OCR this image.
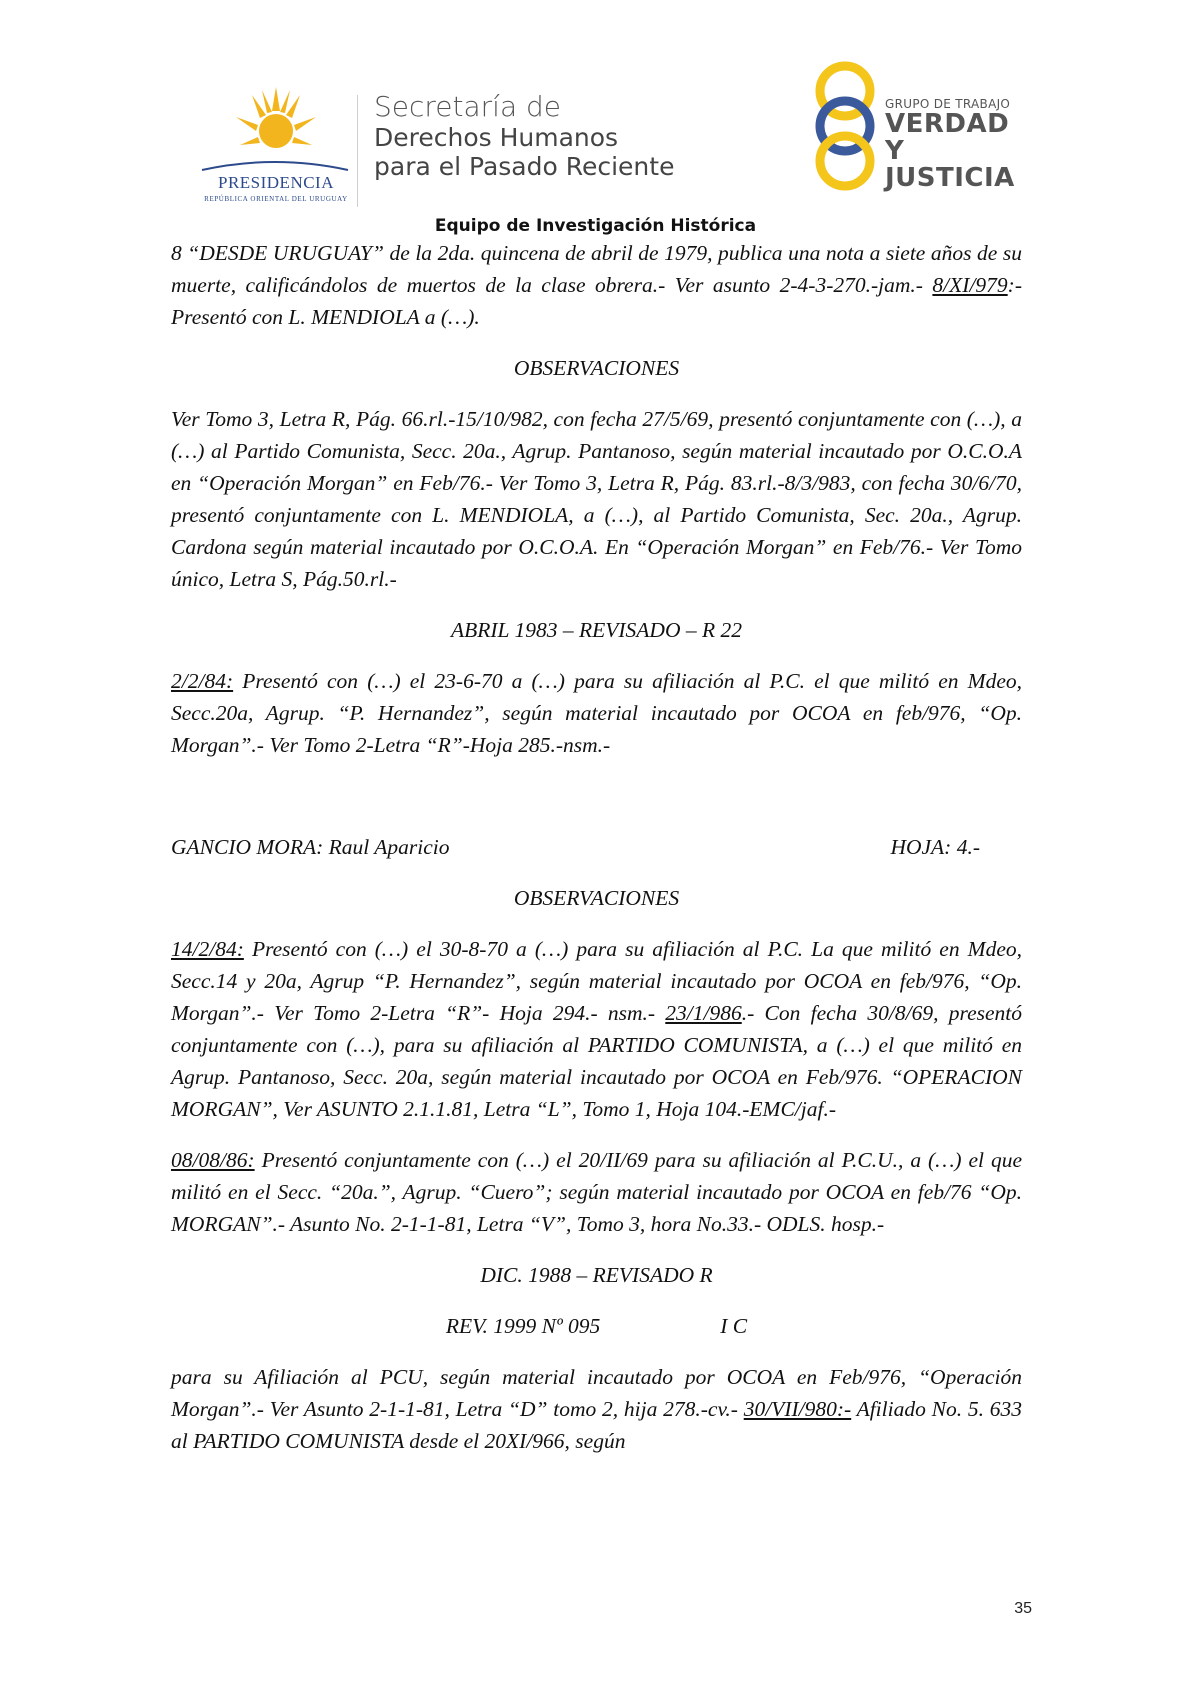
PRESIDENCIA
REPÚBLICA ORIENTAL DEL URUGUAY
Secretaría de
Derechos Humanos
para el Pasado Reciente
GRUPO DE TRABAJO
VERDAD Y
JUSTICIA
Equipo de Investigación Histórica

8 “DESDE URUGUAY” de la 2da. quincena de abril de 1979, publica una nota a siete años de su muerte, calificándolos de muertos de la clase obrera.- Ver asunto 2-4-3-270.-jam.- 8/XI/979:- Presentó con L. MENDIOLA a (…).

OBSERVACIONES

Ver Tomo 3, Letra R, Pág. 66.rl.-15/10/982, con fecha 27/5/69, presentó conjuntamente con (…), a (…) al Partido Comunista, Secc. 20a., Agrup. Pantanoso, según material incautado por O.C.O.A en “Operación Morgan” en Feb/76.- Ver Tomo 3, Letra R, Pág. 83.rl.-8/3/983, con fecha 30/6/70, presentó conjuntamente con L. MENDIOLA, a (…), al Partido Comunista, Sec. 20a., Agrup. Cardona según material incautado por O.C.O.A. En “Operación Morgan” en Feb/76.- Ver Tomo único, Letra S, Pág.50.rl.-

ABRIL 1983 – REVISADO – R 22

2/2/84: Presentó con (…) el 23-6-70 a (…) para su afiliación al P.C. el que militó en Mdeo, Secc.20a, Agrup. “P. Hernandez”, según material incautado por OCOA en feb/976, “Op. Morgan”.- Ver Tomo 2-Letra “R”-Hoja 285.-nsm.-

GANCIO MORA: Raul Aparicio	HOJA: 4.-

OBSERVACIONES

14/2/84: Presentó con (…) el 30-8-70 a (…) para su afiliación al P.C. La que militó en Mdeo, Secc.14 y 20a, Agrup “P. Hernandez”, según material incautado por OCOA en feb/976, “Op. Morgan”.- Ver Tomo 2-Letra “R”- Hoja 294.- nsm.- 23/1/986.- Con fecha 30/8/69, presentó conjuntamente con (…), para su afiliación al PARTIDO COMUNISTA, a (…) el que militó en Agrup. Pantanoso, Secc. 20a, según material incautado por OCOA en Feb/976. “OPERACION MORGAN”, Ver ASUNTO 2.1.1.81, Letra “L”, Tomo 1, Hoja 104.-EMC/jaf.-

08/08/86: Presentó conjuntamente con (…) el 20/II/69 para su afiliación al P.C.U., a (…) el que militó en el Secc. “20a.”, Agrup. “Cuero”; según material incautado por OCOA en feb/76 “Op. MORGAN”.- Asunto No. 2-1-1-81, Letra “V”, Tomo 3, hora No.33.- ODLS. hosp.-

DIC. 1988 – REVISADO R

REV. 1999 Nº 095	I C

para su Afiliación al PCU, según material incautado por OCOA en Feb/976, “Operación Morgan”.- Ver Asunto 2-1-1-81, Letra “D” tomo 2, hija 278.-cv.- 30/VII/980:- Afiliado No. 5. 633 al PARTIDO COMUNISTA desde el 20XI/966, según

35
